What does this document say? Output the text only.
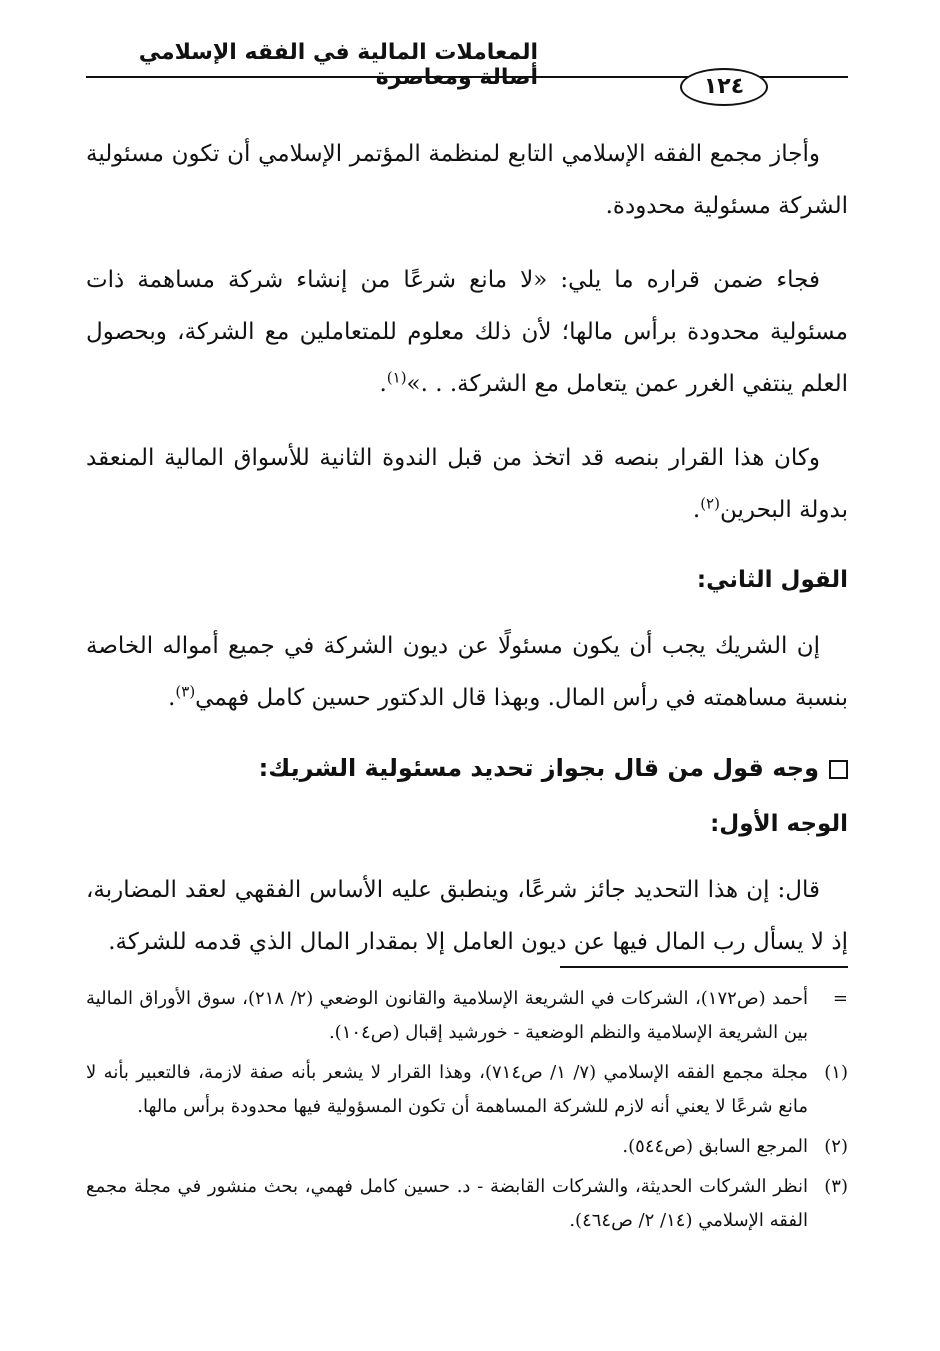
المعاملات المالية في الفقه الإسلامي أصالة ومعاصرة	١٢٤

وأجاز مجمع الفقه الإسلامي التابع لمنظمة المؤتمر الإسلامي أن تكون مسئولية الشركة مسئولية محدودة.

فجاء ضمن قراره ما يلي: «لا مانع شرعًا من إنشاء شركة مساهمة ذات مسئولية محدودة برأس مالها؛ لأن ذلك معلوم للمتعاملين مع الشركة، وبحصول العلم ينتفي الغرر عمن يتعامل مع الشركة. . .»$^{(١)}$.

وكان هذا القرار بنصه قد اتخذ من قبل الندوة الثانية للأسواق المالية المنعقد بدولة البحرين$^{(٢)}$.

القول الثاني:

إن الشريك يجب أن يكون مسئولًا عن ديون الشركة في جميع أمواله الخاصة بنسبة مساهمته في رأس المال. وبهذا قال الدكتور حسين كامل فهمي$^{(٣)}$.

وجه قول من قال بجواز تحديد مسئولية الشريك:
الوجه الأول:

قال: إن هذا التحديد جائز شرعًا، وينطبق عليه الأساس الفقهي لعقد المضاربة، إذ لا يسأل رب المال فيها عن ديون العامل إلا بمقدار المال الذي قدمه للشركة.

=
أحمد (ص١٧٢)، الشركات في الشريعة الإسلامية والقانون الوضعي (٢/ ٢١٨)، سوق الأوراق المالية بين الشريعة الإسلامية والنظم الوضعية - خورشيد إقبال (ص١٠٤).
(١)
مجلة مجمع الفقه الإسلامي (٧/ ١/ ص٧١٤)، وهذا القرار لا يشعر بأنه صفة لازمة، فالتعبير بأنه لا مانع شرعًا لا يعني أنه لازم للشركة المساهمة أن تكون المسؤولية فيها محدودة برأس مالها.
(٢)
المرجع السابق (ص٥٤٤).
(٣)
انظر الشركات الحديثة، والشركات القابضة - د. حسين كامل فهمي، بحث منشور في مجلة مجمع الفقه الإسلامي (١٤/ ٢/ ص٤٦٤).
